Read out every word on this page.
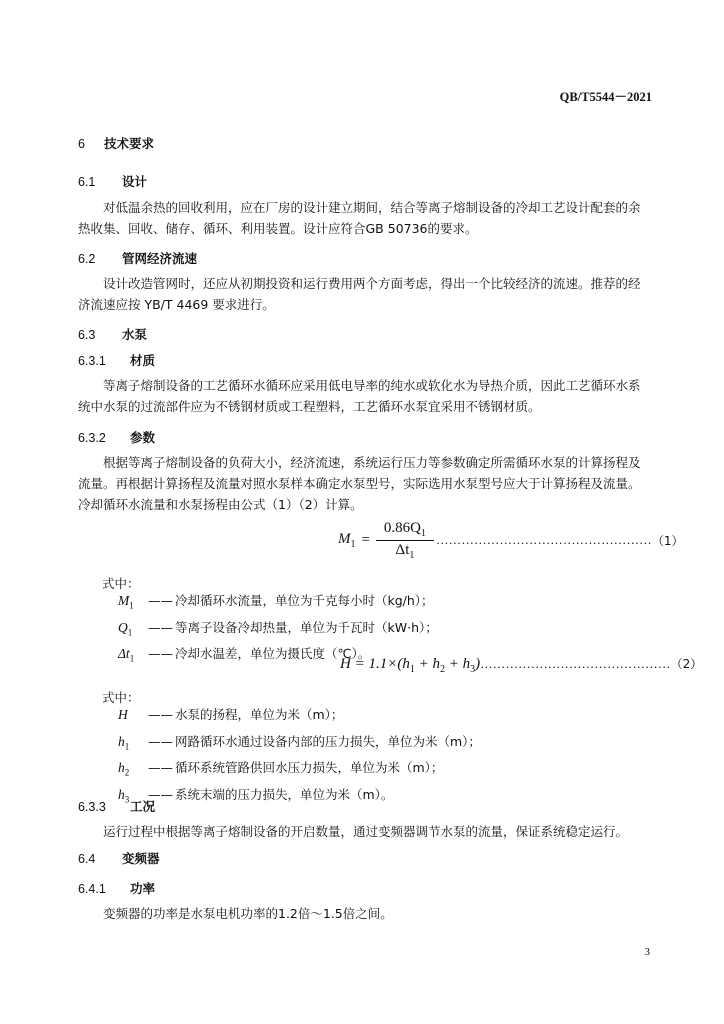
QB/T5544－2021
6 技术要求
6.1 设计
对低温余热的回收利用，应在厂房的设计建立期间，结合等离子熔制设备的冷却工艺设计配套的余
热收集、回收、储存、循环、利用装置。设计应符合GB 50736的要求。
6.2 管网经济流速
设计改造管网时，还应从初期投资和运行费用两个方面考虑，得出一个比较经济的流速。推荐的经
济流速应按 YB/T 4469 要求进行。
6.3 水泵
6.3.1 材质
等离子熔制设备的工艺循环水循环应采用低电导率的纯水或软化水为导热介质，因此工艺循环水系
统中水泵的过流部件应为不锈钢材质或工程塑料，工艺循环水泵宜采用不锈钢材质。
6.3.2 参数
根据等离子熔制设备的负荷大小，经济流速，系统运行压力等参数确定所需循环水泵的计算扬程及
流量。再根据计算扬程及流量对照水泵样本确定水泵型号，实际选用水泵型号应大于计算扬程及流量。
冷却循环水流量和水泵扬程由公式（1）（2）计算。
$M_1$ =
$0.86Q_1$
$\Delta t_1$
…………………………………………… （1）
式中：
$M_1$	—— 冷却循环水流量，单位为千克每小时（kg/h）；
$Q_1$	—— 等离子设备冷却热量，单位为千瓦时（kW·h）；
$\Delta t_1$	—— 冷却水温差，单位为摄氏度（℃）。
$H = 1.1\times(h_1 + h_2$ + $h_3)\dots\dots\dots\dots\dots\dots\dots\dots\dots\dots\dots\dots\dots\dots\dots(2)$
式中：
H	—— 水泵的扬程，单位为米（m）；
$h_1$	—— 网路循环水通过设备内部的压力损失，单位为米（m）；
$h_2$	—— 循环系统管路供回水压力损失，单位为米（m）；
$h_3$	—— 系统末端的压力损失，单位为米（m）。
6.3.3 工况
运行过程中根据等离子熔制设备的开启数量，通过变频器调节水泵的流量，保证系统稳定运行。
6.4 变频器
6.4.1 功率
变频器的功率是水泵电机功率的1.2倍～1.5倍之间。
3
